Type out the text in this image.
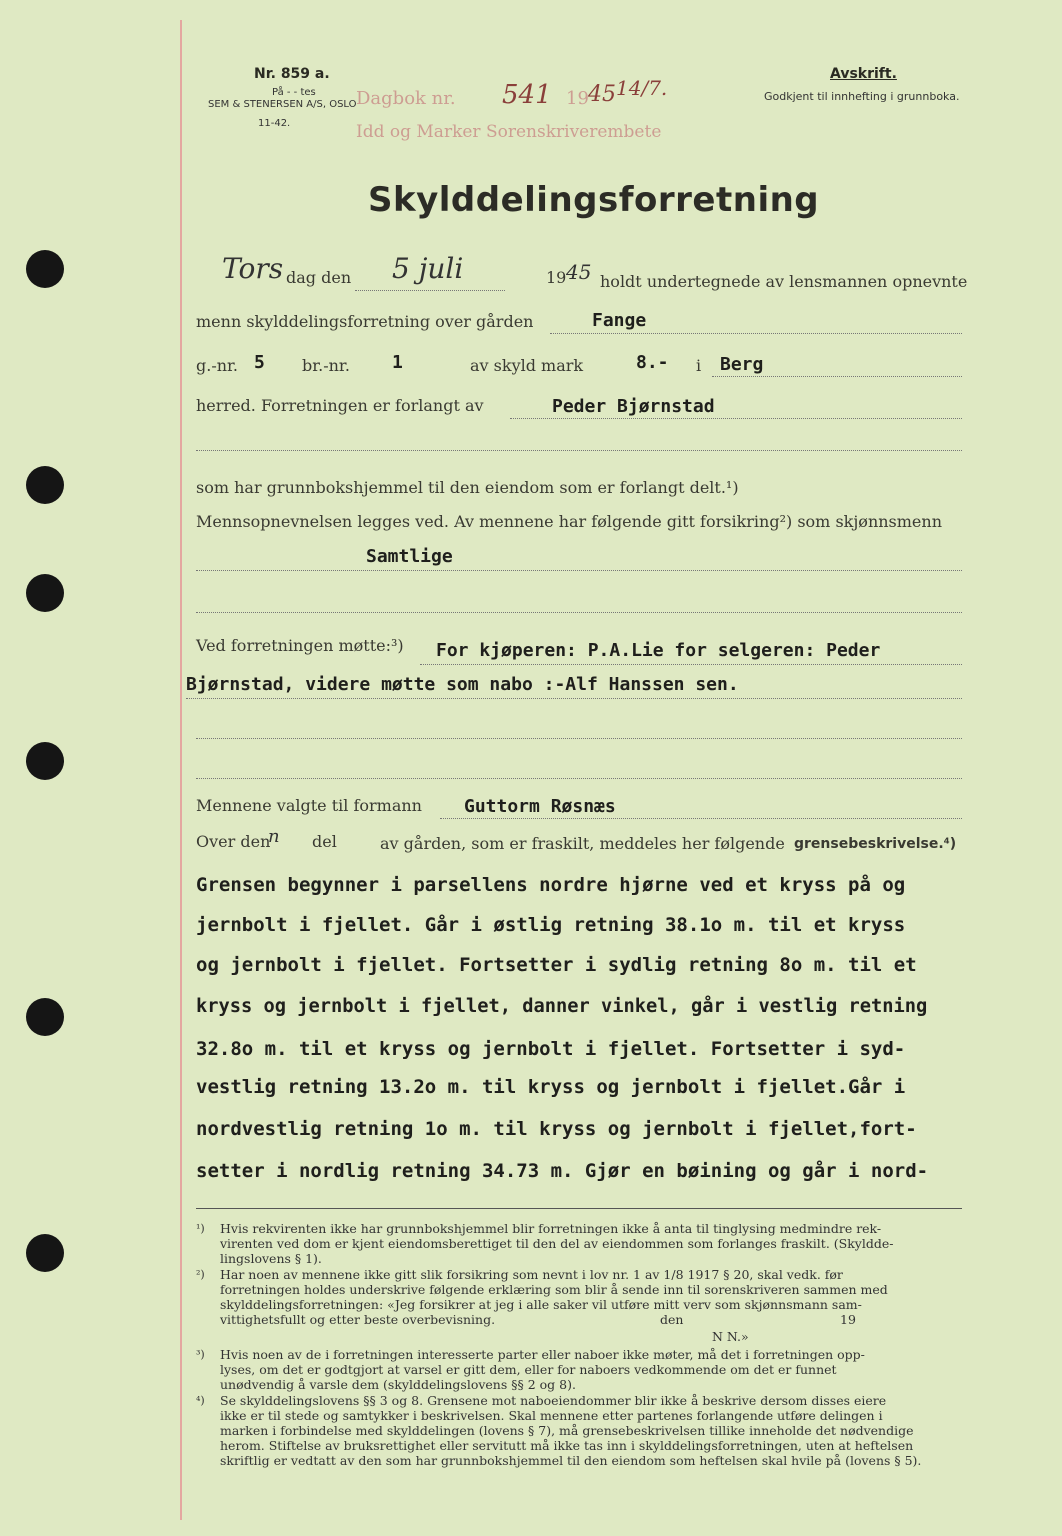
Nr. 859 a.
På - - tes
SEM & STENERSEN A/S, OSLO
11-42.
Dagbok nr. 541 19 45 14/7.
Idd og Marker Sorenskriverembete
Avskrift.
Godkjent til innhefting i grunnboka.
Skylddelingsforretning
Tors dag den 5 juli	19 45 holdt undertegnede av lensmannen opnevnte
menn skylddelingsforretning over gården	Fange
g.-nr. 5 br.-nr. 1	av skyld mark	8.- i Berg
herred. Forretningen er forlangt av	Peder Bjørnstad
som har grunnbokshjemmel til den eiendom som er forlangt delt.¹)
Mennsopnevnelsen legges ved. Av mennene har følgende gitt forsikring²) som skjønnsmenn
Samtlige
Ved forretningen møtte:³) For kjøperen: P.A.Lie for selgeren: Peder
Bjørnstad, videre møtte som nabo :-Alf Hanssen sen.
Mennene valgte til formann Guttorm Røsnæs
Over den
n del	av gården, som er fraskilt, meddeles her følgende grensebeskrivelse.⁴)
Grensen begynner i parsellens nordre hjørne ved et kryss på og
jernbolt i fjellet. Går i østlig retning 38.1o m. til et kryss
og jernbolt i fjellet. Fortsetter i sydlig retning 8o m. til et
kryss og jernbolt i fjellet, danner vinkel, går i vestlig retning
32.8o m. til et kryss og jernbolt i fjellet. Fortsetter i syd-
vestlig retning 13.2o m. til kryss og jernbolt i fjellet.Går i
nordvestlig retning 1o m. til kryss og jernbolt i fjellet,fort-
setter i nordlig retning 34.73 m. Gjør en bøining og går i nord-
¹) Hvis rekvirenten ikke har grunnbokshjemmel blir forretningen ikke å anta til tinglysing medmindre rek-
virenten ved dom er kjent eiendomsberettiget til den del av eiendommen som forlanges fraskilt. (Skyldde-
lingslovens § 1).
²) Har noen av mennene ikke gitt slik forsikring som nevnt i lov nr. 1 av 1/8 1917 § 20, skal vedk. før
forretningen holdes underskrive følgende erklæring som blir å sende inn til sorenskriveren sammen med
skylddelingsforretningen: «Jeg forsikrer at jeg i alle saker vil utføre mitt verv som skjønnsmann sam-
vittighetsfullt og etter beste overbevisning.	den	19
N N.»
³) Hvis noen av de i forretningen interesserte parter eller naboer ikke møter, må det i forretningen opp-
lyses, om det er godtgjort at varsel er gitt dem, eller for naboers vedkommende om det er funnet
unødvendig å varsle dem (skylddelingslovens §§ 2 og 8).
⁴) Se skylddelingslovens §§ 3 og 8. Grensene mot naboeiendommer blir ikke å beskrive dersom disses eiere
ikke er til stede og samtykker i beskrivelsen. Skal mennene etter partenes forlangende utføre delingen i
marken i forbindelse med skylddelingen (lovens § 7), må grensebeskrivelsen tillike inneholde det nødvendige
herom. Stiftelse av bruksrettighet eller servitutt må ikke tas inn i skylddelingsforretningen, uten at heftelsen
skriftlig er vedtatt av den som har grunnbokshjemmel til den eiendom som heftelsen skal hvile på (lovens § 5).
